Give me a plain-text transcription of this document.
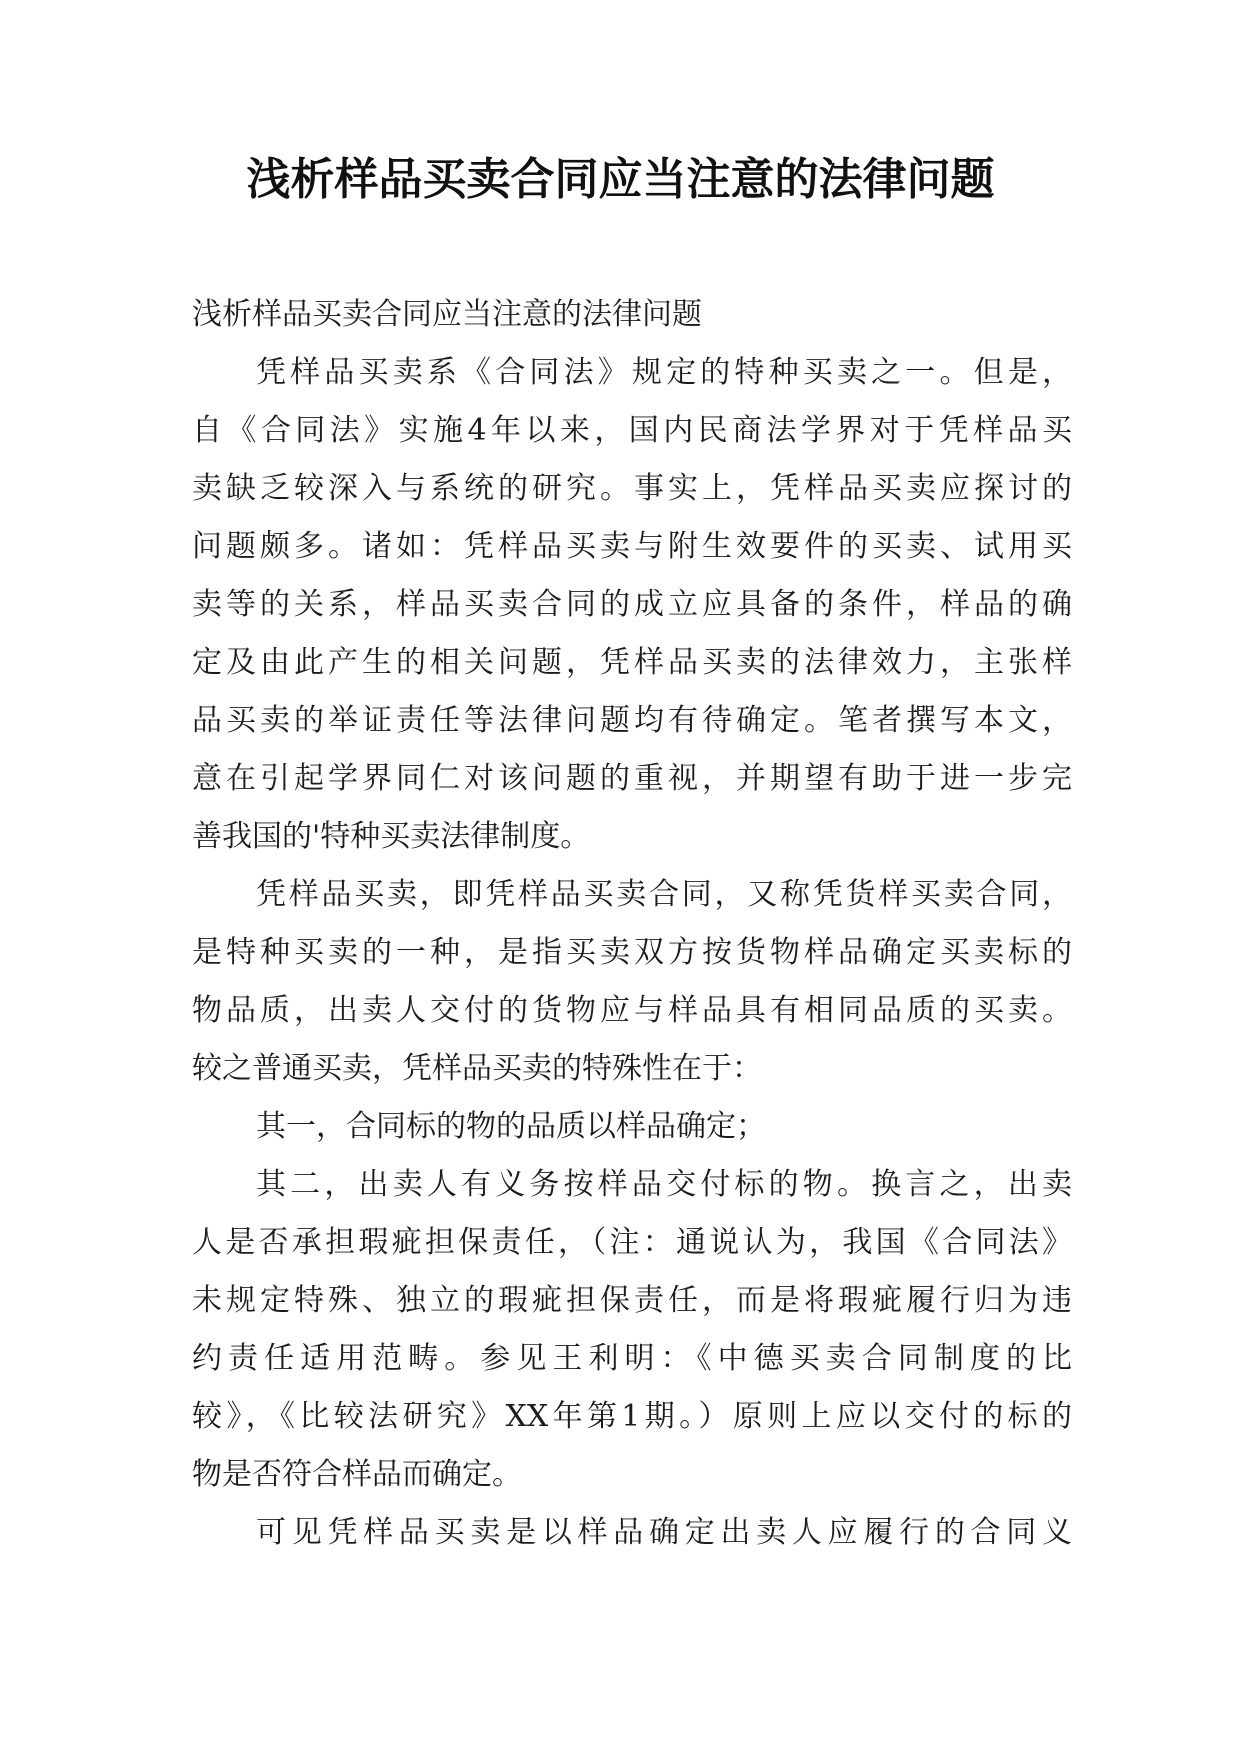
浅析样品买卖合同应当注意的法律问题
浅析样品买卖合同应当注意的法律问题
凭样品买卖系《合同法》规定的特种买卖之一。但是，
自《合同法》实施4年以来，国内民商法学界对于凭样品买
卖缺乏较深入与系统的研究。事实上，凭样品买卖应探讨的
问题颇多。诸如：凭样品买卖与附生效要件的买卖、试用买
卖等的关系，样品买卖合同的成立应具备的条件，样品的确
定及由此产生的相关问题，凭样品买卖的法律效力，主张样
品买卖的举证责任等法律问题均有待确定。笔者撰写本文，
意在引起学界同仁对该问题的重视，并期望有助于进一步完
善我国的'特种买卖法律制度。
凭样品买卖，即凭样品买卖合同，又称凭货样买卖合同，
是特种买卖的一种，是指买卖双方按货物样品确定买卖标的
物品质，出卖人交付的货物应与样品具有相同品质的买卖。
较之普通买卖，凭样品买卖的特殊性在于：
其一，合同标的物的品质以样品确定；
其二，出卖人有义务按样品交付标的物。换言之，出卖
人是否承担瑕疵担保责任，（注：通说认为，我国《合同法》
未规定特殊、独立的瑕疵担保责任，而是将瑕疵履行归为违
约责任适用范畴。参见王利明：《中德买卖合同制度的比
较》，《比较法研究》XX年第1期。）原则上应以交付的标的
物是否符合样品而确定。
可见凭样品买卖是以样品确定出卖人应履行的合同义
